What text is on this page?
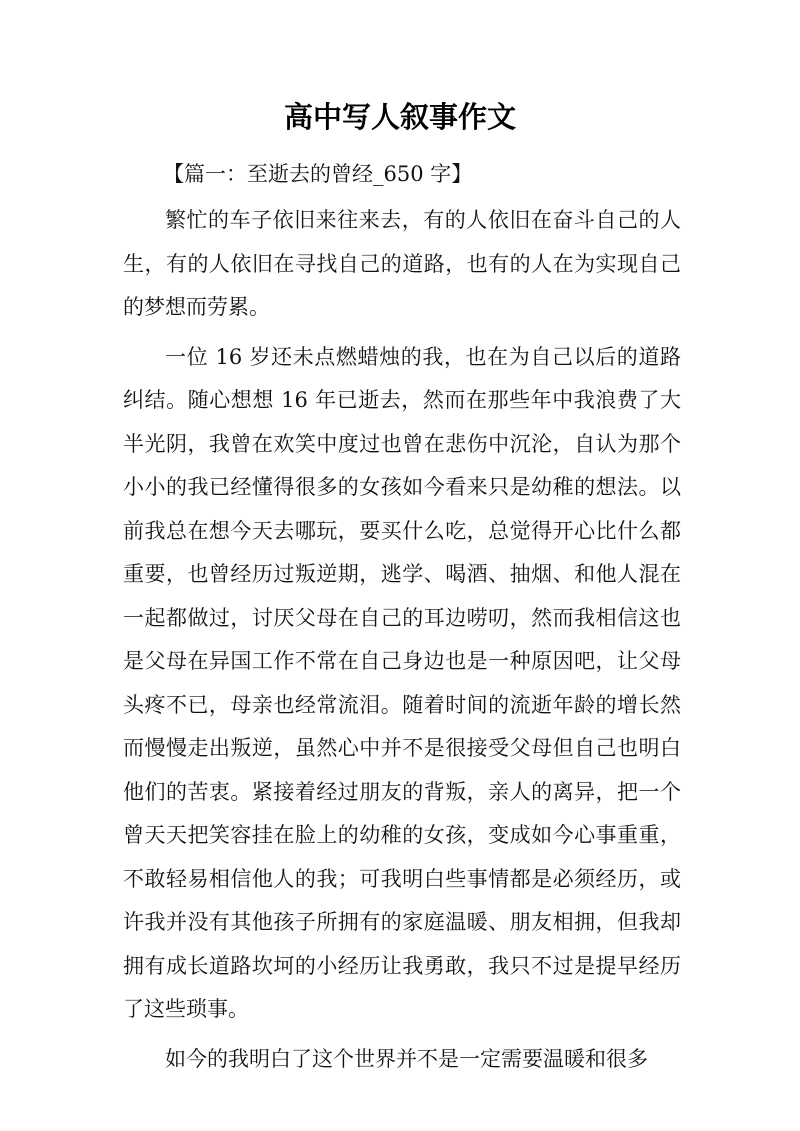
高中写人叙事作文

【篇一：至逝去的曾经_650 字】

繁忙的车子依旧来往来去，有的人依旧在奋斗自己的人生，有的人依旧在寻找自己的道路，也有的人在为实现自己的梦想而劳累。

一位 16 岁还未点燃蜡烛的我，也在为自己以后的道路纠结。随心想想 16 年已逝去，然而在那些年中我浪费了大半光阴，我曾在欢笑中度过也曾在悲伤中沉沦，自认为那个小小的我已经懂得很多的女孩如今看来只是幼稚的想法。以前我总在想今天去哪玩，要买什么吃，总觉得开心比什么都重要，也曾经历过叛逆期，逃学、喝酒、抽烟、和他人混在一起都做过，讨厌父母在自己的耳边唠叨，然而我相信这也是父母在异国工作不常在自己身边也是一种原因吧，让父母头疼不已，母亲也经常流泪。随着时间的流逝年龄的增长然而慢慢走出叛逆，虽然心中并不是很接受父母但自己也明白他们的苦衷。紧接着经过朋友的背叛，亲人的离异，把一个曾天天把笑容挂在脸上的幼稚的女孩，变成如今心事重重，不敢轻易相信他人的我；可我明白些事情都是必须经历，或许我并没有其他孩子所拥有的家庭温暖、朋友相拥，但我却拥有成长道路坎坷的小经历让我勇敢，我只不过是提早经历了这些琐事。

如今的我明白了这个世界并不是一定需要温暖和很多
